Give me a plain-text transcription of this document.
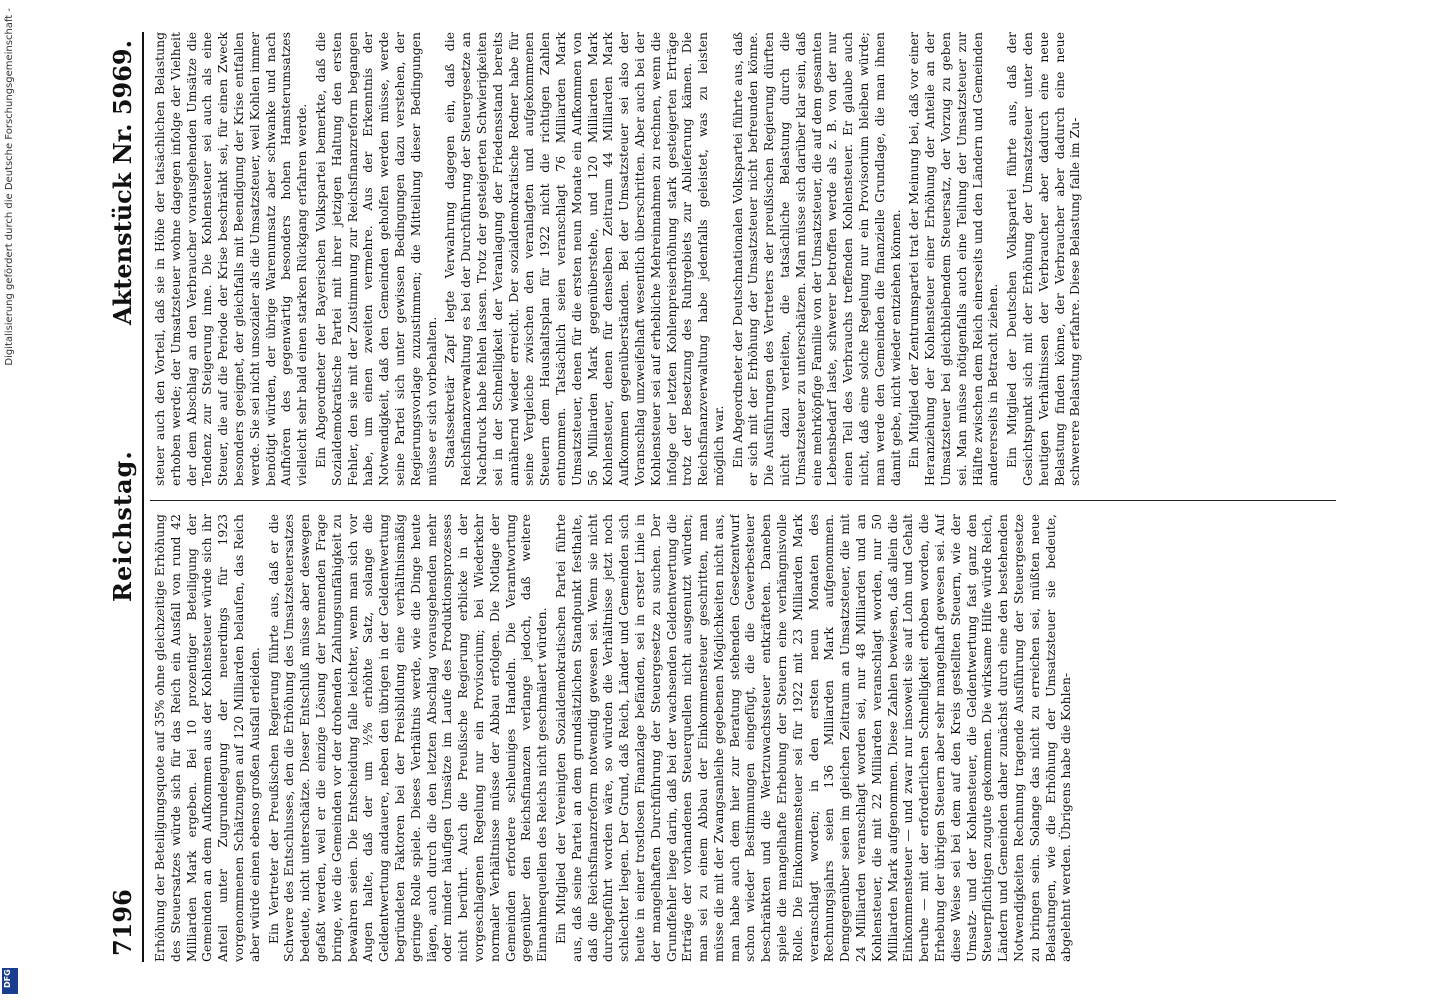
Digitalisierung gefördert durch die Deutsche Forschungsgemeinschaft -
DFG
7196
Reichstag.
Aktenstück Nr. 5969.

Erhöhung der Beteiligungsquote auf 35% ohne gleichzeitige Erhöhung des Steuersatzes würde sich für das Reich ein Ausfall von rund 42 Milliarden Mark ergeben. Bei 10 prozentiger Beteiligung der Gemeinden an dem Aufkommen aus der Kohlensteuer würde sich ihr Anteil unter Zugrundelegung der neuerdings für 1923 vorgenommenen Schätzungen auf 120 Milliarden belaufen, das Reich aber würde einen ebenso großen Ausfall erleiden. Ein Vertreter der Preußischen Regierung führte aus, daß er die Schwere des Entschlusses, den die Erhöhung des Umsatzsteuersatzes bedeute, nicht unterschätze. Dieser Entschluß müsse aber deswegen gefaßt werden, weil er die einzige Lösung der brennenden Frage bringe, wie die Gemeinden vor der drohenden Zahlungsunfähigkeit zu bewahren seien. Die Entscheidung falle leichter, wenn man sich vor Augen halte, daß der um ½% erhöhte Satz, solange die Geldentwertung andauere, neben den übrigen in der Geldentwertung begründeten Faktoren bei der Preisbildung eine verhältnismäßig geringe Rolle spiele. Dieses Verhältnis werde, wie die Dinge heute lägen, auch durch die den letzten Abschlag vorausgehenden mehr oder minder häufigen Umsätze im Laufe des Produktionsprozesses nicht berührt. Auch die Preußische Regierung erblicke in der vorgeschlagenen Regelung nur ein Provisorium; bei Wiederkehr normaler Verhältnisse müsse der Abbau erfolgen. Die Notlage der Gemeinden erfordere schleuniges Handeln. Die Verantwortung gegenüber den Reichsfinanzen verlange jedoch, daß weitere Einnahmequellen des Reichs nicht geschmälert würden. Ein Mitglied der Vereinigten Sozialdemokratischen Partei führte aus, daß seine Partei an dem grundsätzlichen Standpunkt festhalte, daß die Reichsfinanzreform notwendig gewesen sei. Wenn sie nicht durchgeführt worden wäre, so würden die Verhältnisse jetzt noch schlechter liegen. Der Grund, daß Reich, Länder und Gemeinden sich heute in einer trostlosen Finanzlage befänden, sei in erster Linie in der mangelhaften Durchführung der Steuergesetze zu suchen. Der Grundfehler liege darin, daß bei der wachsenden Geldentwertung die Erträge der vorhandenen Steuerquellen nicht ausgenutzt würden; man sei zu einem Abbau der Einkommensteuer geschritten, man müsse die mit der Zwangsanleihe gegebenen Möglichkeiten nicht aus, man habe auch dem hier zur Beratung stehenden Gesetzentwurf schon wieder Bestimmungen eingefügt, die die Gewerbesteuer beschränkten und die Wertzuwachssteuer entkräfteten. Daneben spiele die mangelhafte Erhebung der Steuern eine verhängnisvolle Rolle. Die Einkommensteuer sei für 1922 mit 23 Milliarden Mark veranschlagt worden; in den ersten neun Monaten des Rechnungsjahrs seien 136 Milliarden Mark aufgenommen. Demgegenüber seien im gleichen Zeitraum an Umsatzsteuer, die mit 24 Milliarden veranschlagt worden sei, nur 48 Milliarden und an Kohlensteuer, die mit 22 Milliarden veranschlagt worden, nur 50 Milliarden Mark aufgenommen. Diese Zahlen bewiesen, daß allein die Einkommensteuer — und zwar nur insoweit sie auf Lohn und Gehalt beruhe — mit der erforderlichen Schnelligkeit erhoben worden, die Erhebung der übrigen Steuern aber sehr mangelhaft gewesen sei. Auf diese Weise sei bei dem auf den Kreis gestellten Steuern, wie der Umsatz- und der Kohlensteuer, die Geldentwertung fast ganz den Steuerpflichtigen zugute gekommen. Die wirksame Hilfe würde Reich, Ländern und Gemeinden daher zunächst durch eine den bestehenden Notwendigkeiten Rechnung tragende Ausführung der Steuergesetze zu bringen sein. Solange das nicht zu erreichen sei, müßten neue Belastungen, wie die Erhöhung der Umsatzsteuer sie bedeute, abgelehnt werden. Übrigens habe die Kohlen-

steuer auch den Vorteil, daß sie in Höhe der tatsächlichen Belastung erhoben werde; der Umsatzsteuer wohne dagegen infolge der Vielheit der dem Abschlag an den Verbraucher vorausgehenden Umsätze die Tendenz zur Steigerung inne. Die Kohlensteuer sei auch als eine Steuer, die auf die Periode der Krise beschränkt sei, für einen Zweck besonders geeignet, der gleichfalls mit Beendigung der Krise entfallen werde. Sie sei nicht unsozialer als die Umsatzsteuer, weil Kohlen immer benötigt würden, der übrige Warenumsatz aber schwanke und nach Aufhören des gegenwärtig besonders hohen Hamsterumsatzes vielleicht sehr bald einen starken Rückgang erfahren werde. Ein Abgeordneter der Bayerischen Volkspartei bemerkte, daß die Sozialdemokratische Partei mit ihrer jetzigen Haltung den ersten Fehler, den sie mit der Zustimmung zur Reichsfinanzreform begangen habe, um einen zweiten vermehre. Aus der Erkenntnis der Notwendigkeit, daß den Gemeinden geholfen werden müsse, werde seine Partei sich unter gewissen Bedingungen dazu verstehen, der Regierungsvorlage zuzustimmen; die Mitteilung dieser Bedingungen müsse er sich vorbehalten. Staatssekretär Zapf legte Verwahrung dagegen ein, daß die Reichsfinanzverwaltung es bei der Durchführung der Steuergesetze an Nachdruck habe fehlen lassen. Trotz der gesteigerten Schwierigkeiten sei in der Schnelligkeit der Veranlagung der Friedensstand bereits annähernd wieder erreicht. Der sozialdemokratische Redner habe für seine Vergleiche zwischen den veranlagten und aufgekommenen Steuern dem Haushaltsplan für 1922 nicht die richtigen Zahlen entnommen. Tatsächlich seien veranschlagt 76 Milliarden Mark Umsatzsteuer, denen für die ersten neun Monate ein Aufkommen von 56 Milliarden Mark gegenüberstehe, und 120 Milliarden Mark Kohlensteuer, denen für denselben Zeitraum 44 Milliarden Mark Aufkommen gegenüberständen. Bei der Umsatzsteuer sei also der Voranschlag unzweifelhaft wesentlich überschritten. Aber auch bei der Kohlensteuer sei auf erhebliche Mehreinnahmen zu rechnen, wenn die infolge der letzten Kohlenpreiserhöhung stark gesteigerten Erträge trotz der Besetzung des Ruhrgebiets zur Ablieferung kämen. Die Reichsfinanzverwaltung habe jedenfalls geleistet, was zu leisten möglich war. Ein Abgeordneter der Deutschnationalen Volkspartei führte aus, daß er sich mit der Erhöhung der Umsatzsteuer nicht befreunden könne. Die Ausführungen des Vertreters der preußischen Regierung dürften nicht dazu verleiten, die tatsächliche Belastung durch die Umsatzsteuer zu unterschätzen. Man müsse sich darüber klar sein, daß eine mehrköpfige Familie von der Umsatzsteuer, die auf dem gesamten Lebensbedarf laste, schwerer betroffen werde als z. B. von der nur einen Teil des Verbrauchs treffenden Kohlensteuer. Er glaube auch nicht, daß eine solche Regelung nur ein Provisorium bleiben würde; man werde den Gemeinden die finanzielle Grundlage, die man ihnen damit gebe, nicht wieder entziehen können. Ein Mitglied der Zentrumspartei trat der Meinung bei, daß vor einer Heranziehung der Kohlensteuer einer Erhöhung der Anteile an der Umsatzsteuer bei gleichbleibendem Steuersatz, der Vorzug zu geben sei. Man müsse nötigenfalls auch eine Teilung der Umsatzsteuer zur Hälfte zwischen dem Reich einerseits und den Ländern und Gemeinden andererseits in Betracht ziehen. Ein Mitglied der Deutschen Volkspartei führte aus, daß der Gesichtspunkt sich mit der Erhöhung der Umsatzsteuer unter den heutigen Verhältnissen der Verbraucher aber dadurch eine neue Belastung finden könne, der Verbraucher aber dadurch eine neue schwerere Belastung erfahre. Diese Belastung falle im Zu-
